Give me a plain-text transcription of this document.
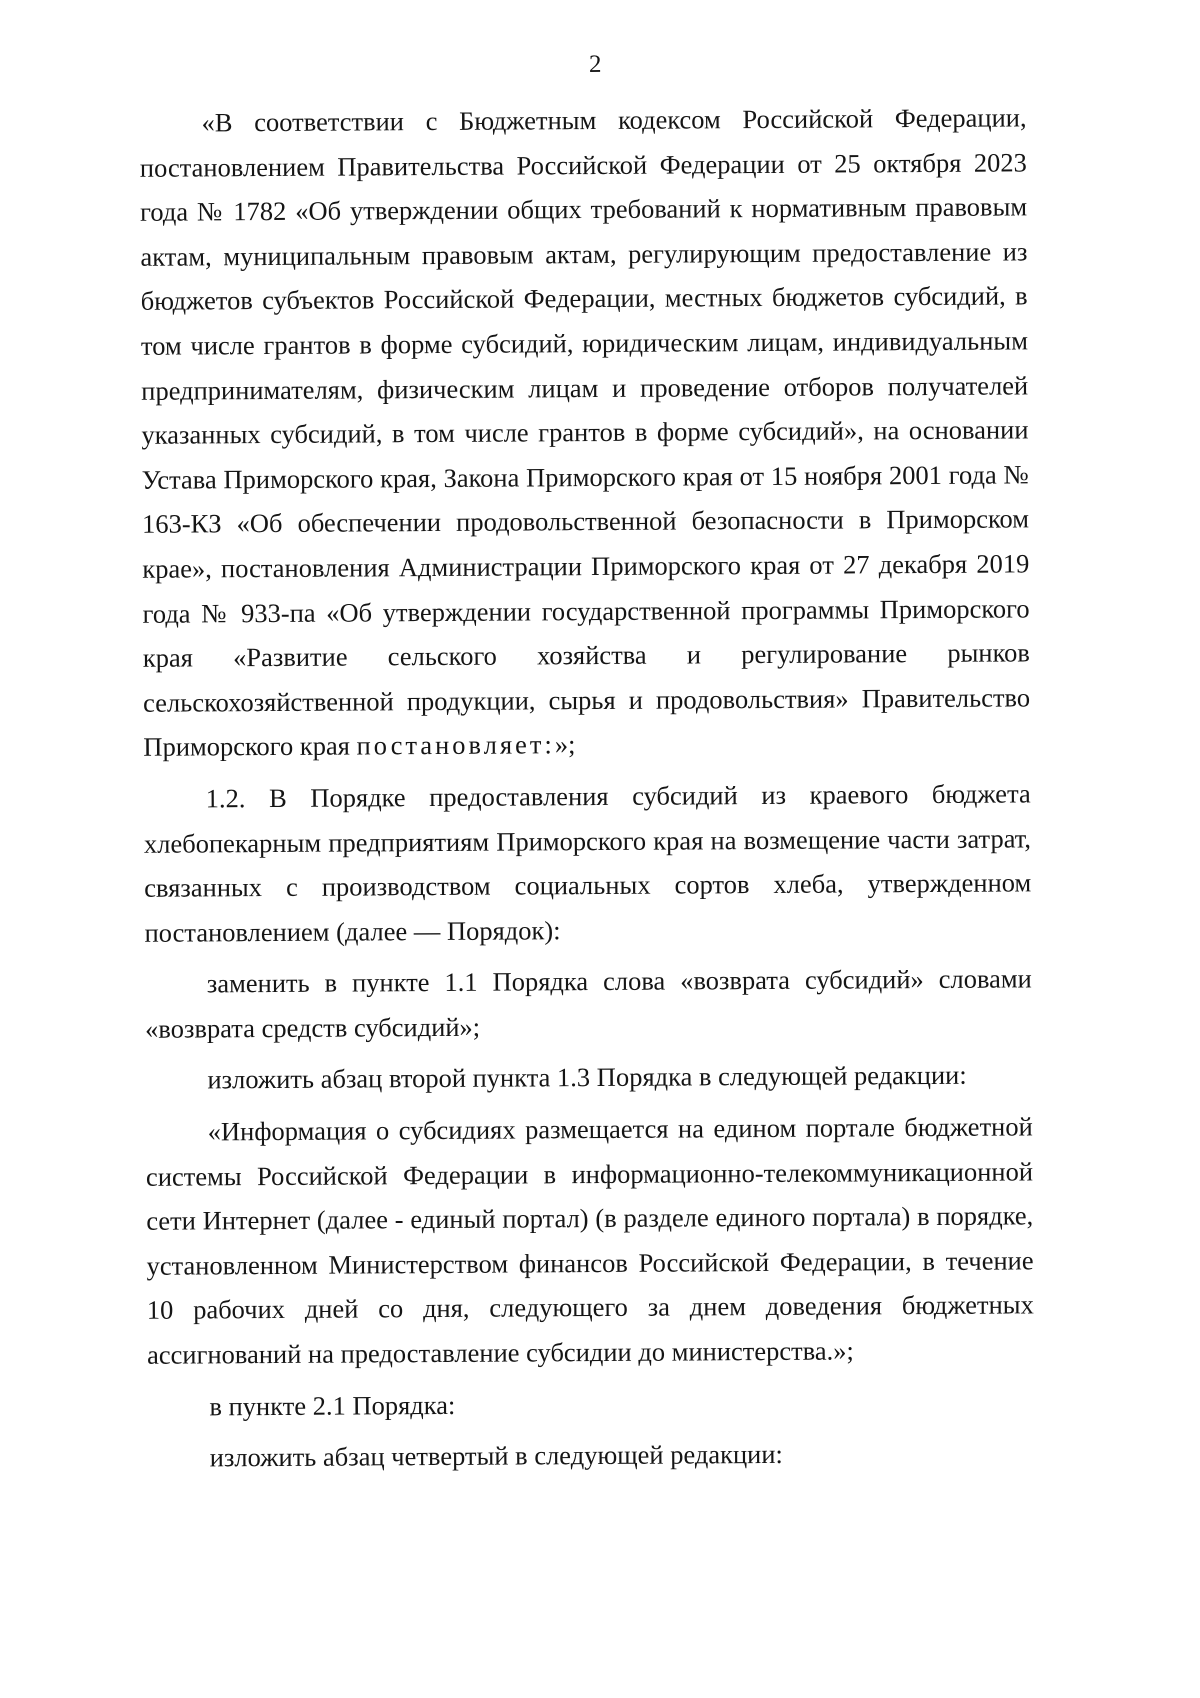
2

«В соответствии с Бюджетным кодексом Российской Федерации, постановлением Правительства Российской Федерации от 25 октября 2023 года № 1782 «Об утверждении общих требований к нормативным правовым актам, муниципальным правовым актам, регулирующим предоставление из бюджетов субъектов Российской Федерации, местных бюджетов субсидий, в том числе грантов в форме субсидий, юридическим лицам, индивидуальным предпринимателям, физическим лицам и проведение отборов получателей указанных субсидий, в том числе грантов в форме субсидий», на основании Устава Приморского края, Закона Приморского края от 15 ноября 2001 года № 163-КЗ «Об обеспечении продовольственной безопасности в Приморском крае», постановления Администрации Приморского края от 27 декабря 2019 года № 933-па «Об утверждении государственной программы Приморского края «Развитие сельского хозяйства и регулирование рынков сельскохозяйственной продукции, сырья и продовольствия» Правительство Приморского края постановляет:»;

1.2. В Порядке предоставления субсидий из краевого бюджета хлебопекарным предприятиям Приморского края на возмещение части затрат, связанных с производством социальных сортов хлеба, утвержденном постановлением (далее — Порядок):

заменить в пункте 1.1 Порядка слова «возврата субсидий» словами «возврата средств субсидий»;

изложить абзац второй пункта 1.3 Порядка в следующей редакции:

«Информация о субсидиях размещается на едином портале бюджетной системы Российской Федерации в информационно-телекоммуникационной сети Интернет (далее - единый портал) (в разделе единого портала) в порядке, установленном Министерством финансов Российской Федерации, в течение 10 рабочих дней со дня, следующего за днем доведения бюджетных ассигнований на предоставление субсидии до министерства.»;

в пункте 2.1 Порядка:

изложить абзац четвертый в следующей редакции:
